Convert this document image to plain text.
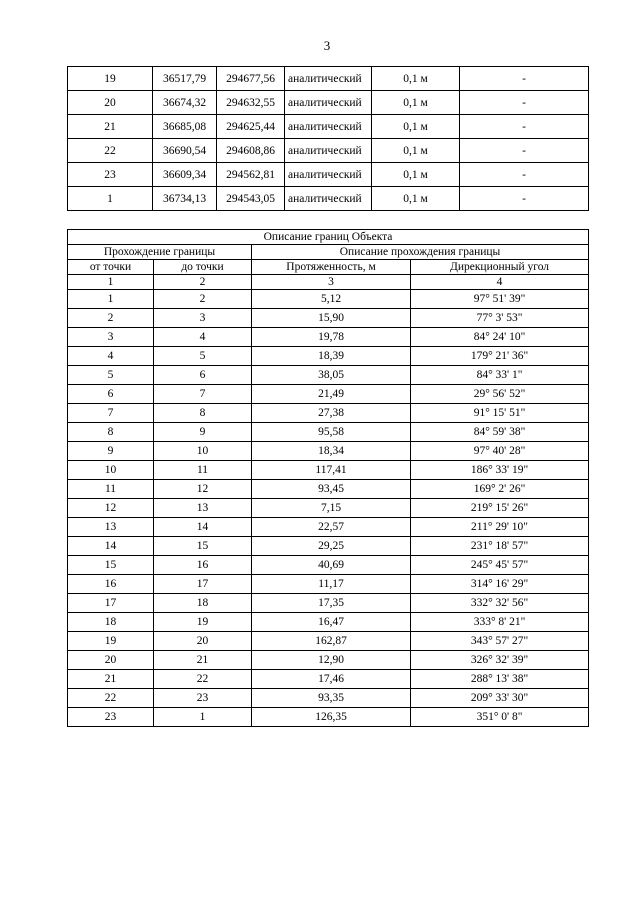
3
19	36517,79	294677,56	аналитический	0,1 м	-
20	36674,32	294632,55	аналитический	0,1 м	-
21	36685,08	294625,44	аналитический	0,1 м	-
22	36690,54	294608,86	аналитический	0,1 м	-
23	36609,34	294562,81	аналитический	0,1 м	-
1	36734,13	294543,05	аналитический	0,1 м	-
Описание границ Объекта			
Прохождение границы		Описание прохождения границы	
от точки	до точки	Протяженность, м	Дирекционный угол
1	2	3	4
1	2	5,12	97° 51' 39"
2	3	15,90	77° 3' 53"
3	4	19,78	84° 24' 10"
4	5	18,39	179° 21' 36"
5	6	38,05	84° 33' 1"
6	7	21,49	29° 56' 52"
7	8	27,38	91° 15' 51"
8	9	95,58	84° 59' 38"
9	10	18,34	97° 40' 28"
10	11	117,41	186° 33' 19"
11	12	93,45	169° 2' 26"
12	13	7,15	219° 15' 26"
13	14	22,57	211° 29' 10"
14	15	29,25	231° 18' 57"
15	16	40,69	245° 45' 57"
16	17	11,17	314° 16' 29"
17	18	17,35	332° 32' 56"
18	19	16,47	333° 8' 21"
19	20	162,87	343° 57' 27"
20	21	12,90	326° 32' 39"
21	22	17,46	288° 13' 38"
22	23	93,35	209° 33' 30"
23	1	126,35	351° 0' 8"
